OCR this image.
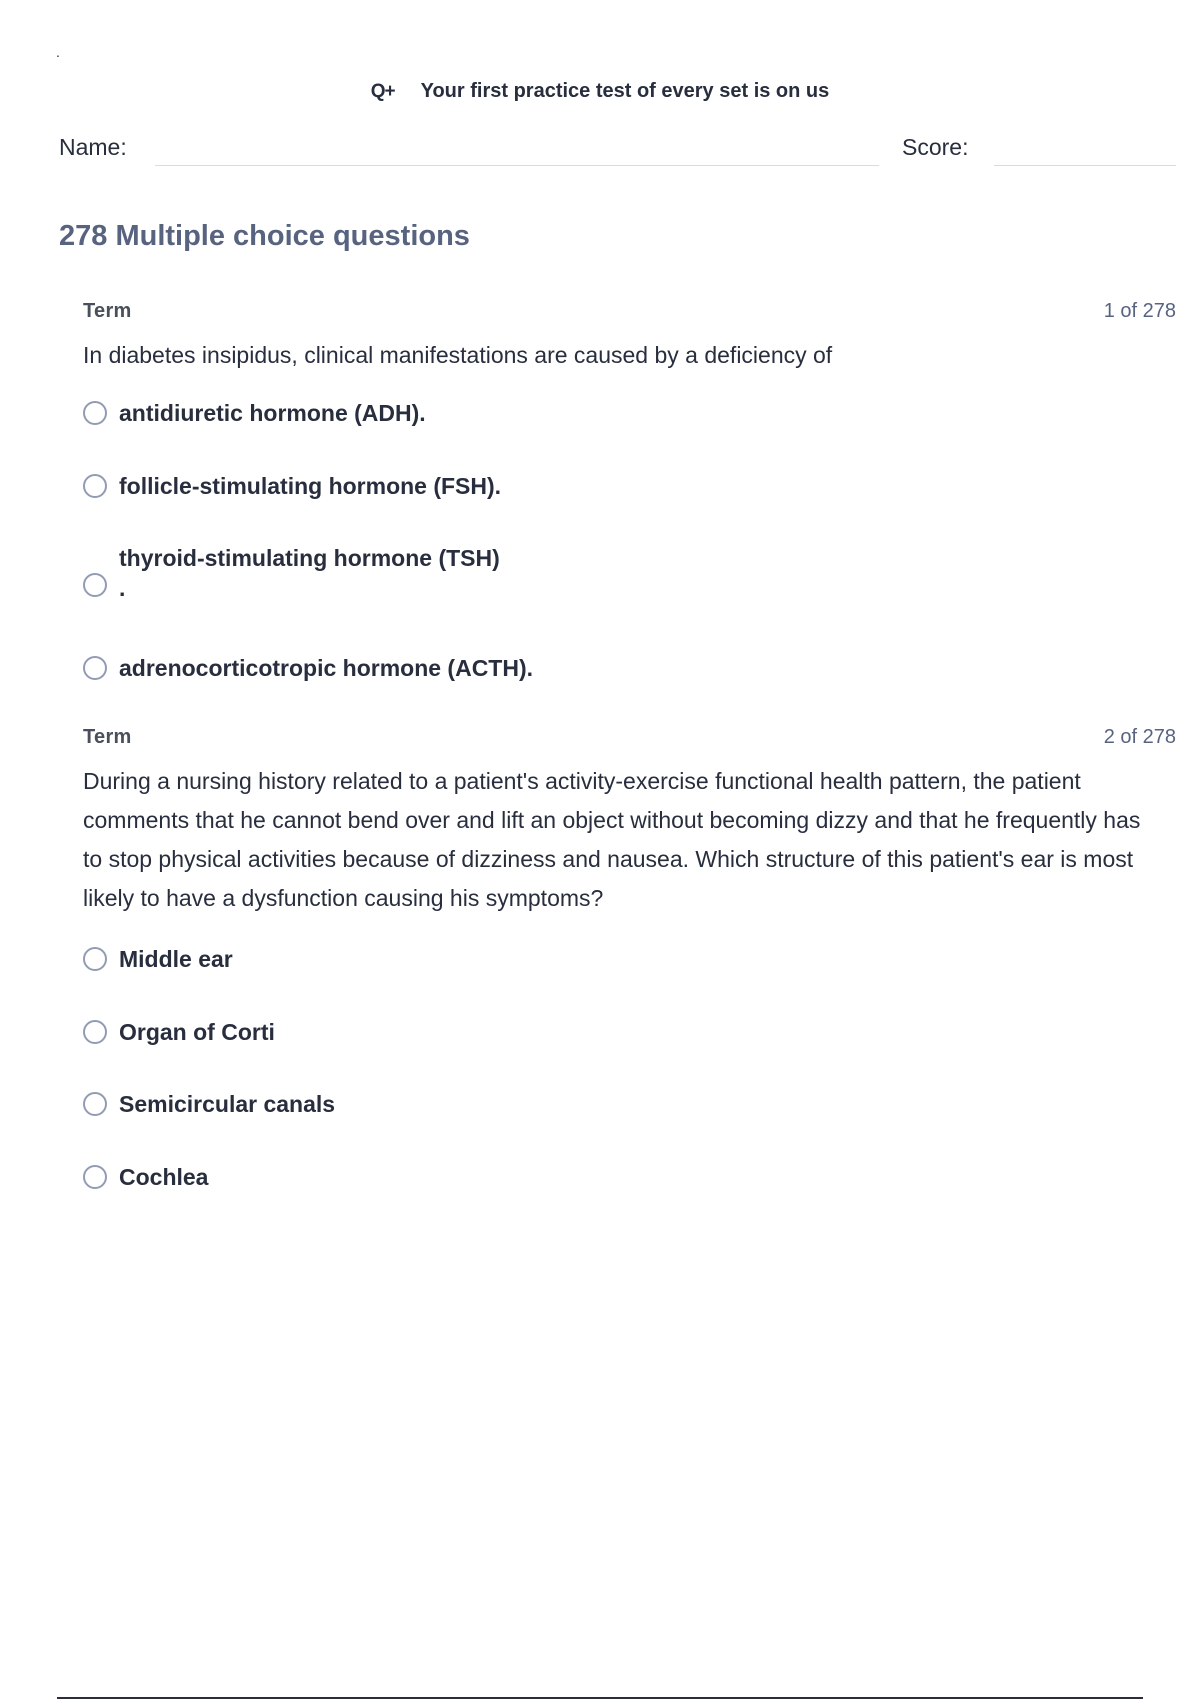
.
Q+ Your first practice test of every set is on us
Name:	Score:
278 Multiple choice questions
Term	1 of 278
In diabetes insipidus, clinical manifestations are caused by a deficiency of
antidiuretic hormone (ADH).
follicle-stimulating hormone (FSH).
thyroid-stimulating hormone (TSH)
.
adrenocorticotropic hormone (ACTH).
Term	2 of 278
During a nursing history related to a patient's activity-exercise functional health pattern, the patient comments that he cannot bend over and lift an object without becoming dizzy and that he frequently has to stop physical activities because of dizziness and nausea. Which structure of this patient's ear is most likely to have a dysfunction causing his symptoms?
Middle ear
Organ of Corti
Semicircular canals
Cochlea
